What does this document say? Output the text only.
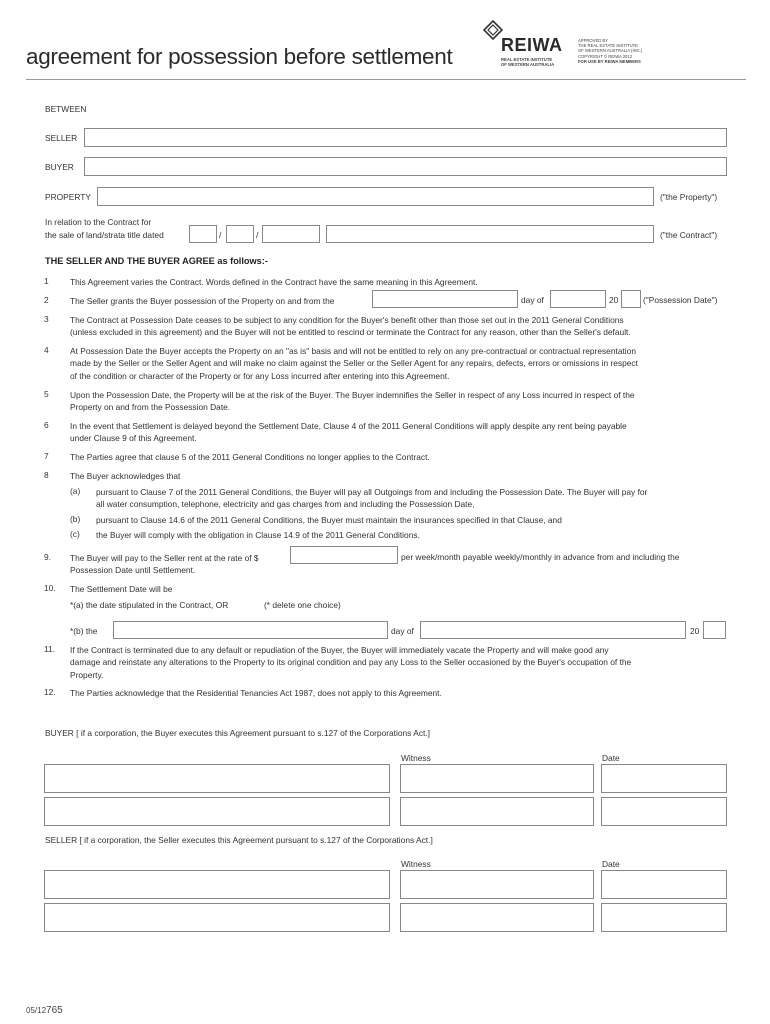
agreement for possession before settlement	REIWA
REAL ESTATE INSTITUTE
OF WESTERN AUSTRALIA
APPROVED BY
THE REAL ESTATE INSTITUTE
OF WESTERN AUSTRALIA (INC.)
COPYRIGHT © REIWA 2012
FOR USE BY REIWA MEMBERS
BETWEEN
SELLER
BUYER
PROPERTY	("the Property")
In relation to the Contract for
the sale of land/strata title dated	/	/	("the Contract")
THE SELLER AND THE BUYER AGREE as follows:-
1	This Agreement varies the Contract. Words defined in the Contract have the same meaning in this Agreement.
2	The Seller grants the Buyer possession of the Property on and from the	day of	20	("Possession Date")
3	The Contract at Possession Date ceases to be subject to any condition for the Buyer's benefit other than those set out in the 2011 General Conditions
(unless excluded in this agreement) and the Buyer will not be entitled to rescind or terminate the Contract for any reason, other than the Seller's default.
4	At Possession Date the Buyer accepts the Property on an "as is" basis and will not be entitled to rely on any pre-contractual or contractual representation
made by the Seller or the Seller Agent and will make no claim against the Seller or the Seller Agent for any repairs, defects, errors or omissions in respect
of the condition or character of the Property or for any Loss incurred after entering into this Agreement.
5	Upon the Possession Date, the Property will be at the risk of the Buyer. The Buyer indemnifies the Seller in respect of any Loss incurred in respect of the
Property on and from the Possession Date.
6	In the event that Settlement is delayed beyond the Settlement Date, Clause 4 of the 2011 General Conditions will apply despite any rent being payable
under Clause 9 of this Agreement.
7	The Parties agree that clause 5 of the 2011 General Conditions no longer applies to the Contract.
8	The Buyer acknowledges that
(a) pursuant to Clause 7 of the 2011 General Conditions, the Buyer will pay all Outgoings from and including the Possession Date. The Buyer will pay for
all water consumption, telephone, electricity and gas charges from and including the Possession Date,
(b) pursuant to Clause 14.6 of the 2011 General Conditions, the Buyer must maintain the insurances specified in that Clause, and
(c) the Buyer will comply with the obligation in Clause 14.9 of the 2011 General Conditions.
9. The Buyer will pay to the Seller rent at the rate of $	per week/month payable weekly/monthly in advance from and including the
Possession Date until Settlement.
10. The Settlement Date will be
*(a) the date stipulated in the Contract, OR	(* delete one choice)
*(b) the	day of	20
11. If the Contract is terminated due to any default or repudiation of the Buyer, the Buyer will immediately vacate the Property and will make good any
damage and reinstate any alterations to the Property to its original condition and pay any Loss to the Seller occasioned by the Buyer's occupation of the
Property.
12. The Parties acknowledge that the Residential Tenancies Act 1987, does not apply to this Agreement.
BUYER [ if a corporation, the Buyer executes this Agreement pursuant to s.127 of the Corporations Act.]
Witness	Date
SELLER [ if a corporation, the Seller executes this Agreement pursuant to s.127 of the Corporations Act.]
Witness	Date
05/12765
